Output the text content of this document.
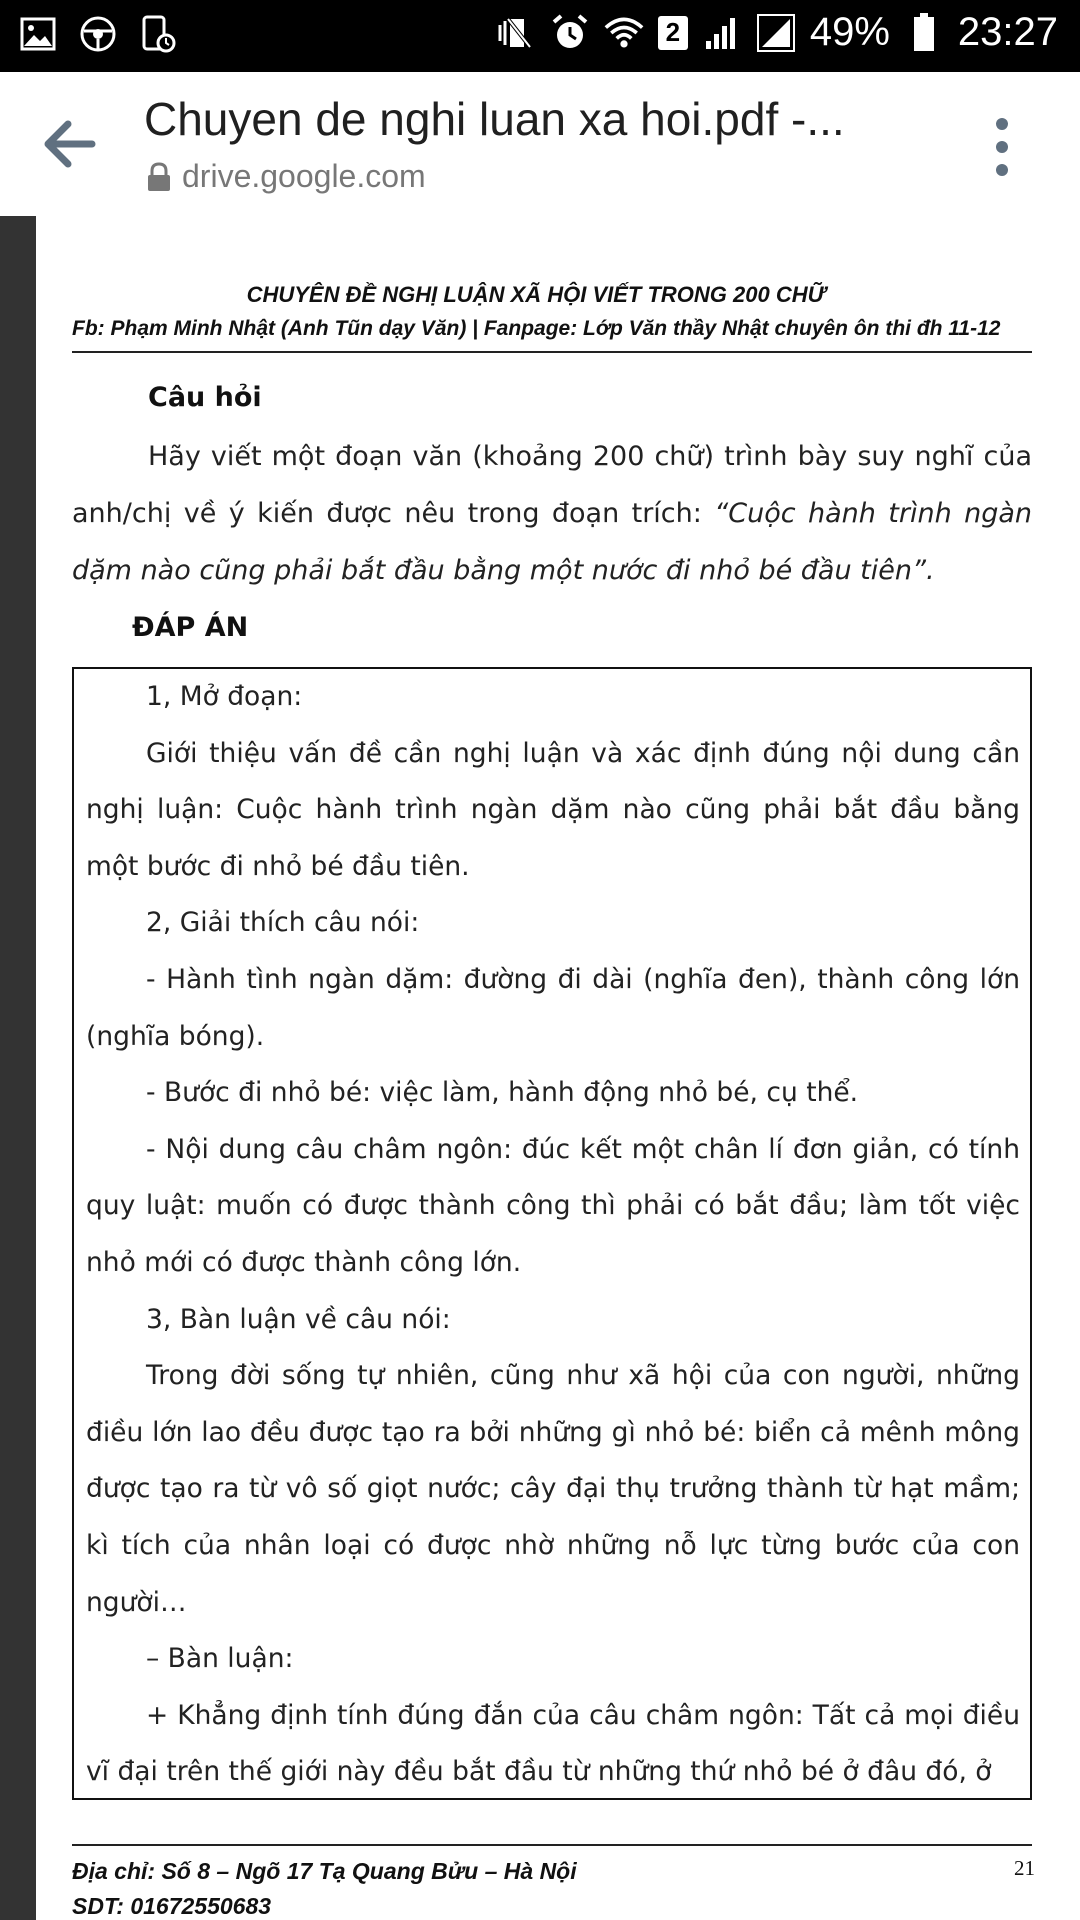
2	49% 23:27
Chuyen de nghi luan xa hoi.pdf -...
drive.google.com
CHUYÊN ĐỀ NGHỊ LUẬN XÃ HỘI VIẾT TRONG 200 CHỮ
Fb: Phạm Minh Nhật (Anh Tũn dạy Văn) | Fanpage: Lớp Văn thầy Nhật chuyên ôn thi đh 11-12
Câu hỏi
Hãy viết một đoạn văn (khoảng 200 chữ) trình bày suy nghĩ của anh/chị về ý kiến được nêu trong đoạn trích: “Cuộc hành trình ngàn dặm nào cũng phải bắt đầu bằng một nước đi nhỏ bé đầu tiên”.
ĐÁP ÁN

1, Mở đoạn:

Giới thiệu vấn đề cần nghị luận và xác định đúng nội dung cần nghị luận: Cuộc hành trình ngàn dặm nào cũng phải bắt đầu bằng một bước đi nhỏ bé đầu tiên.

2, Giải thích câu nói:

- Hành tình ngàn dặm: đường đi dài (nghĩa đen), thành công lớn (nghĩa bóng).

- Bước đi nhỏ bé: việc làm, hành động nhỏ bé, cụ thể.

- Nội dung câu châm ngôn: đúc kết một chân lí đơn giản, có tính quy luật: muốn có được thành công thì phải có bắt đầu; làm tốt việc nhỏ mới có được thành công lớn.

3, Bàn luận về câu nói:

Trong đời sống tự nhiên, cũng như xã hội của con người, những điều lớn lao đều được tạo ra bởi những gì nhỏ bé: biển cả mênh mông được tạo ra từ vô số giọt nước; cây đại thụ trưởng thành từ hạt mầm; kì tích của nhân loại có được nhờ những nỗ lực từng bước của con người…

– Bàn luận:

+ Khẳng định tính đúng đắn của câu châm ngôn: Tất cả mọi điều vĩ đại trên thế giới này đều bắt đầu từ những thứ nhỏ bé ở đâu đó, ở

Địa chỉ: Số 8 – Ngõ 17 Tạ Quang Bửu – Hà Nội
SDT: 01672550683
21
